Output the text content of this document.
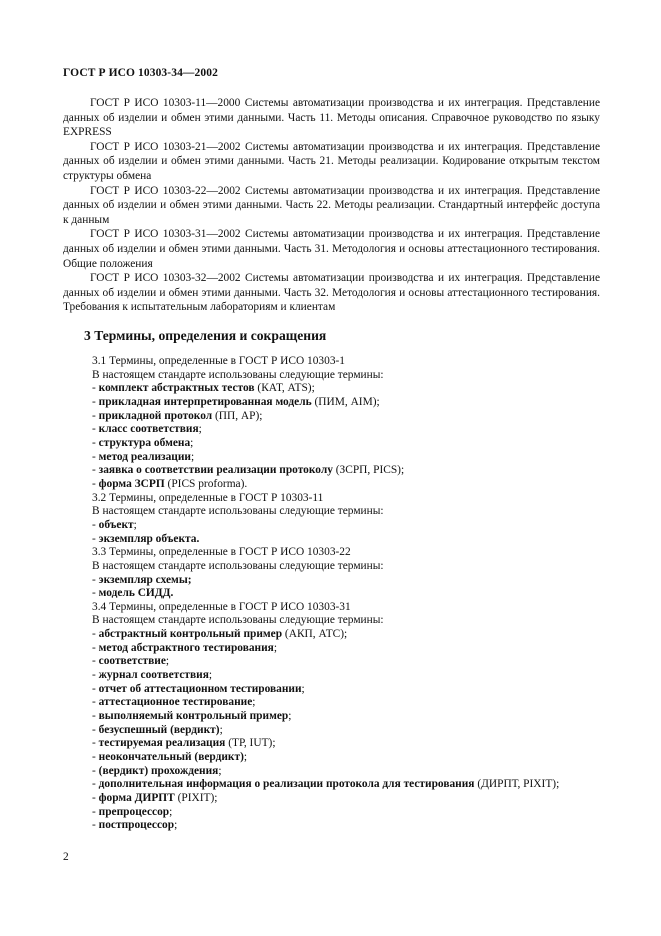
ГОСТ Р ИСО 10303-34—2002

ГОСТ Р ИСО 10303-11—2000 Системы автоматизации производства и их интеграция. Представление данных об изделии и обмен этими данными. Часть 11. Методы описания. Справочное руководство по языку EXPRESS

ГОСТ Р ИСО 10303-21—2002 Системы автоматизации производства и их интеграция. Представление данных об изделии и обмен этими данными. Часть 21. Методы реализации. Кодирование открытым текстом структуры обмена

ГОСТ Р ИСО 10303-22—2002 Системы автоматизации производства и их интеграция. Представление данных об изделии и обмен этими данными. Часть 22. Методы реализации. Стандартный интерфейс доступа к данным

ГОСТ Р ИСО 10303-31—2002 Системы автоматизации производства и их интеграция. Представление данных об изделии и обмен этими данными. Часть 31. Методология и основы аттестационного тестирования. Общие положения

ГОСТ Р ИСО 10303-32—2002 Системы автоматизации производства и их интеграция. Представление данных об изделии и обмен этими данными. Часть 32. Методология и основы аттестационного тестирования. Требования к испытательным лабораториям и клиентам

3 Термины, определения и сокращения

3.1 Термины, определенные в ГОСТ Р ИСО 10303-1

В настоящем стандарте использованы следующие термины:

- комплект абстрактных тестов (КАТ, ATS);

- прикладная интерпретированная модель (ПИМ, AIM);

- прикладной протокол (ПП, AP);

- класс соответствия;

- структура обмена;

- метод реализации;

- заявка о соответствии реализации протоколу (ЗСРП, PICS);

- форма ЗСРП (PICS proforma).

3.2 Термины, определенные в ГОСТ Р 10303-11

В настоящем стандарте использованы следующие термины:

- объект;

- экземпляр объекта.

3.3 Термины, определенные в ГОСТ Р ИСО 10303-22

В настоящем стандарте использованы следующие термины:

- экземпляр схемы;

- модель СИДД.

3.4 Термины, определенные в ГОСТ Р ИСО 10303-31

В настоящем стандарте использованы следующие термины:

- абстрактный контрольный пример (АКП, АТС);

- метод абстрактного тестирования;

- соответствие;

- журнал соответствия;

- отчет об аттестационном тестировании;

- аттестационное тестирование;

- выполняемый контрольный пример;

- безуспешный (вердикт);

- тестируемая реализация (ТР, IUT);

- неокончательный (вердикт);

- (вердикт) прохождения;

- дополнительная информация о реализации протокола для тестирования (ДИРПТ, PIXIT);

- форма ДИРПТ (PIXIT);

- препроцессор;

- постпроцессор;

2
